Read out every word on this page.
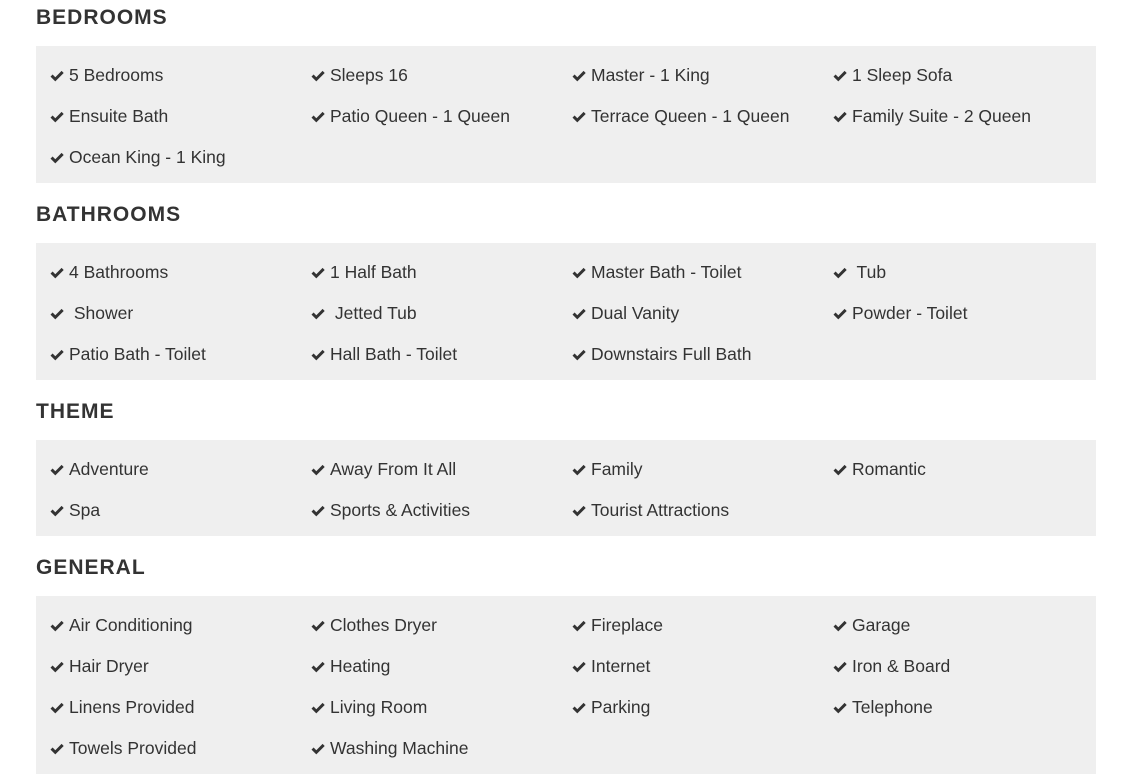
BEDROOMS
5 Bedrooms	Sleeps 16	Master - 1 King	1 Sleep Sofa
Ensuite Bath	Patio Queen - 1 Queen	Terrace Queen - 1 Queen	Family Suite - 2 Queen
Ocean King - 1 King
BATHROOMS
4 Bathrooms	1 Half Bath	Master Bath - Toilet	Tub
Shower	Jetted Tub	Dual Vanity	Powder - Toilet
Patio Bath - Toilet	Hall Bath - Toilet	Downstairs Full Bath
THEME
Adventure	Away From It All	Family	Romantic
Spa	Sports & Activities	Tourist Attractions
GENERAL
Air Conditioning	Clothes Dryer	Fireplace	Garage
Hair Dryer	Heating	Internet	Iron & Board
Linens Provided	Living Room	Parking	Telephone
Towels Provided	Washing Machine
